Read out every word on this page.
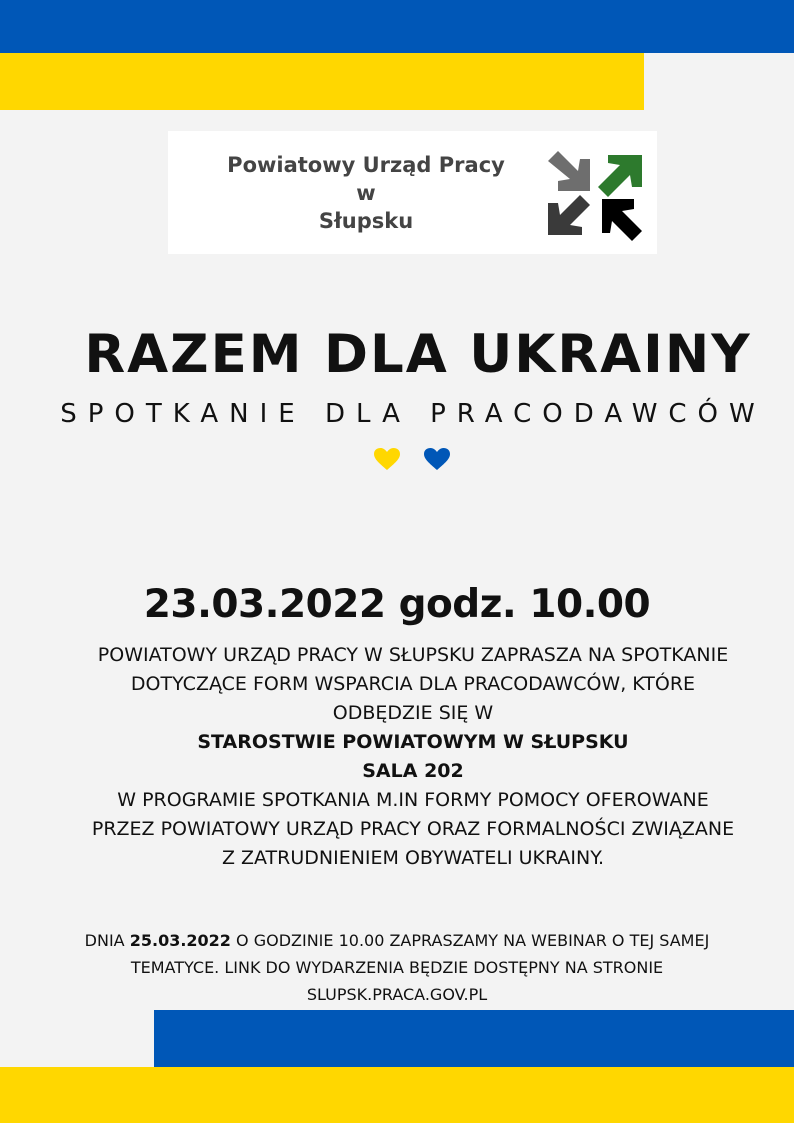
Powiatowy Urząd Pracy
w
Słupsku
RAZEM DLA UKRAINY
SPOTKANIE DLA PRACODAWCÓW
23.03.2022 godz. 10.00
POWIATOWY URZĄD PRACY W SŁUPSKU ZAPRASZA NA SPOTKANIE
DOTYCZĄCE FORM WSPARCIA DLA PRACODAWCÓW, KTÓRE
ODBĘDZIE SIĘ W
STAROSTWIE POWIATOWYM W SŁUPSKU
SALA 202
W PROGRAMIE SPOTKANIA M.IN FORMY POMOCY OFEROWANE
PRZEZ POWIATOWY URZĄD PRACY ORAZ FORMALNOŚCI ZWIĄZANE
Z ZATRUDNIENIEM OBYWATELI UKRAINY.
DNIA 25.03.2022 O GODZINIE 10.00 ZAPRASZAMY NA WEBINAR O TEJ SAMEJ
TEMATYCE. LINK DO WYDARZENIA BĘDZIE DOSTĘPNY NA STRONIE
SLUPSK.PRACA.GOV.PL
